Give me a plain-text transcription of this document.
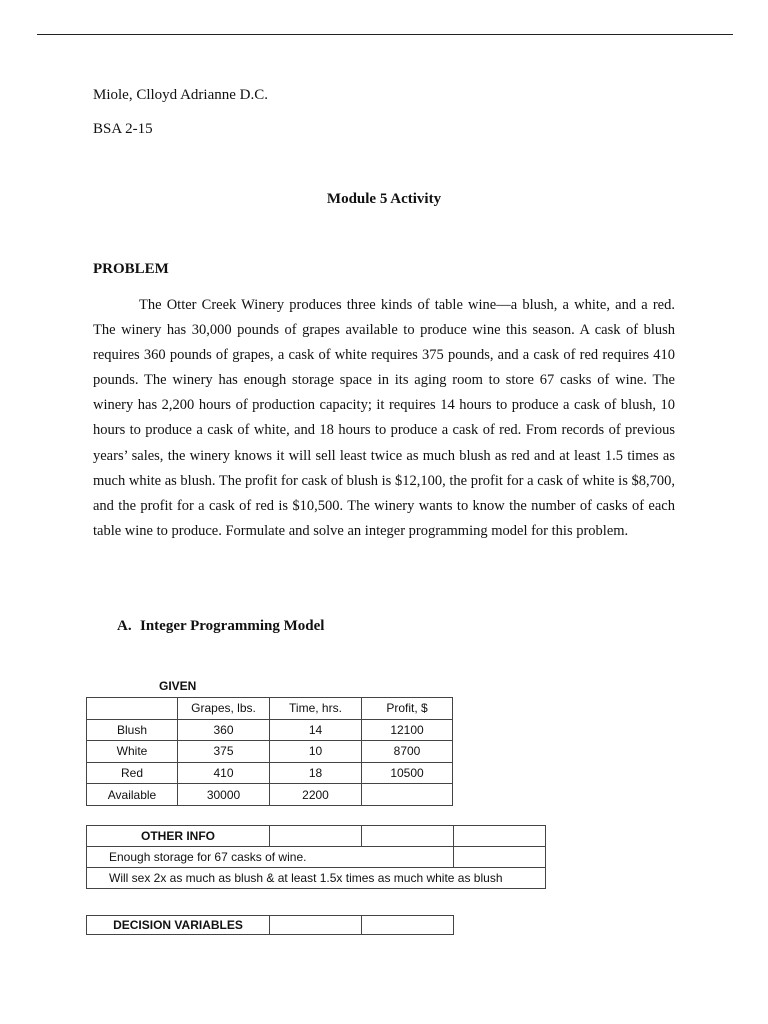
Miole, Clloyd Adrianne D.C.
BSA 2-15
Module 5 Activity
PROBLEM

The Otter Creek Winery produces three kinds of table wine—a blush, a white, and a red. The winery has 30,000 pounds of grapes available to produce wine this season. A cask of blush requires 360 pounds of grapes, a cask of white requires 375 pounds, and a cask of red requires 410 pounds. The winery has enough storage space in its aging room to store 67 casks of wine. The winery has 2,200 hours of production capacity; it requires 14 hours to produce a cask of blush, 10 hours to produce a cask of white, and 18 hours to produce a cask of red. From records of previous years’ sales, the winery knows it will sell least twice as much blush as red and at least 1.5 times as much white as blush. The profit for cask of blush is $12,100, the profit for a cask of white is $8,700, and the profit for a cask of red is $10,500. The winery wants to know the number of casks of each table wine to produce. Formulate and solve an integer programming model for this problem.

A. Integer Programming Model
GIVEN
	Grapes, lbs.	Time, hrs.	Profit, $
Blush	360	14	12100
White	375	10	8700
Red	410	18	10500
Available	30000	2200	
OTHER INFO			
Enough storage for 67 casks of wine.			
Will sex 2x as much as blush & at least 1.5x times as much white as blush			
DECISION VARIABLES		
